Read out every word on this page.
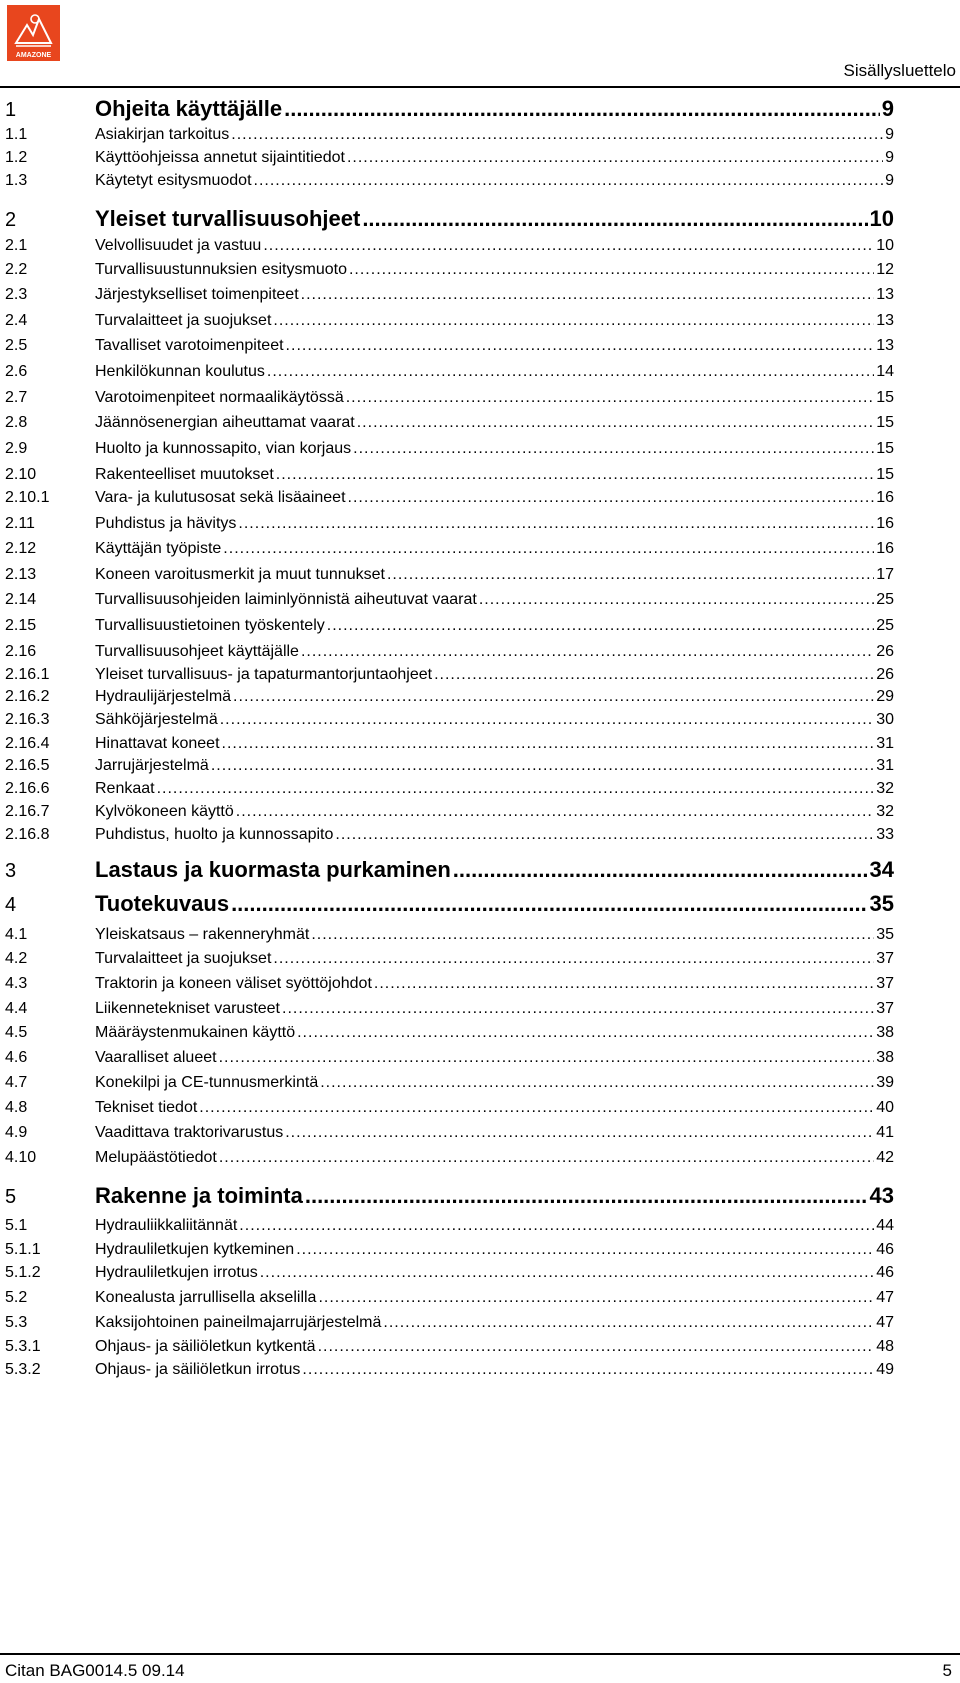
AMAZONE
Sisällysluettelo
1	Ohjeita käyttäjälle .....	9
1.1	Asiakirjan tarkoitus .....	9
1.2	Käyttöohjeissa annetut sijaintitiedot .....	9
1.3	Käytetyt esitysmuodot .....	9
2	Yleiset turvallisuusohjeet .....	10
2.1	Velvollisuudet ja vastuu .....	10
2.2	Turvallisuustunnuksien esitysmuoto .....	12
2.3	Järjestykselliset toimenpiteet .....	13
2.4	Turvalaitteet ja suojukset .....	13
2.5	Tavalliset varotoimenpiteet .....	13
2.6	Henkilökunnan koulutus .....	14
2.7	Varotoimenpiteet normaalikäytössä .....	15
2.8	Jäännösenergian aiheuttamat vaarat .....	15
2.9	Huolto ja kunnossapito, vian korjaus .....	15
2.10	Rakenteelliset muutokset .....	15
2.10.1	Vara- ja kulutusosat sekä lisäaineet .....	16
2.11	Puhdistus ja hävitys .....	16
2.12	Käyttäjän työpiste .....	16
2.13	Koneen varoitusmerkit ja muut tunnukset .....	17
2.14	Turvallisuusohjeiden laiminlyönnistä aiheutuvat vaarat .....	25
2.15	Turvallisuustietoinen työskentely .....	25
2.16	Turvallisuusohjeet käyttäjälle .....	26
2.16.1	Yleiset turvallisuus- ja tapaturmantorjuntaohjeet .....	26
2.16.2	Hydraulijärjestelmä .....	29
2.16.3	Sähköjärjestelmä .....	30
2.16.4	Hinattavat koneet .....	31
2.16.5	Jarrujärjestelmä .....	31
2.16.6	Renkaat .....	32
2.16.7	Kylvökoneen käyttö .....	32
2.16.8	Puhdistus, huolto ja kunnossapito .....	33
3	Lastaus ja kuormasta purkaminen .....	34
4	Tuotekuvaus .....	35
4.1	Yleiskatsaus – rakenneryhmät .....	35
4.2	Turvalaitteet ja suojukset .....	37
4.3	Traktorin ja koneen väliset syöttöjohdot .....	37
4.4	Liikennetekniset varusteet .....	37
4.5	Määräystenmukainen käyttö .....	38
4.6	Vaaralliset alueet .....	38
4.7	Konekilpi ja CE-tunnusmerkintä .....	39
4.8	Tekniset tiedot .....	40
4.9	Vaadittava traktorivarustus .....	41
4.10	Melupäästötiedot .....	42
5	Rakenne ja toiminta .....	43
5.1	Hydrauliikkaliitännät .....	44
5.1.1	Hydrauliletkujen kytkeminen .....	46
5.1.2	Hydrauliletkujen irrotus .....	46
5.2	Konealusta jarrullisella akselilla .....	47
5.3	Kaksijohtoinen paineilmajarrujärjestelmä .....	47
5.3.1	Ohjaus- ja säiliöletkun kytkentä .....	48
5.3.2	Ohjaus- ja säiliöletkun irrotus .....	49
Citan BAG0014.5 09.14	5
